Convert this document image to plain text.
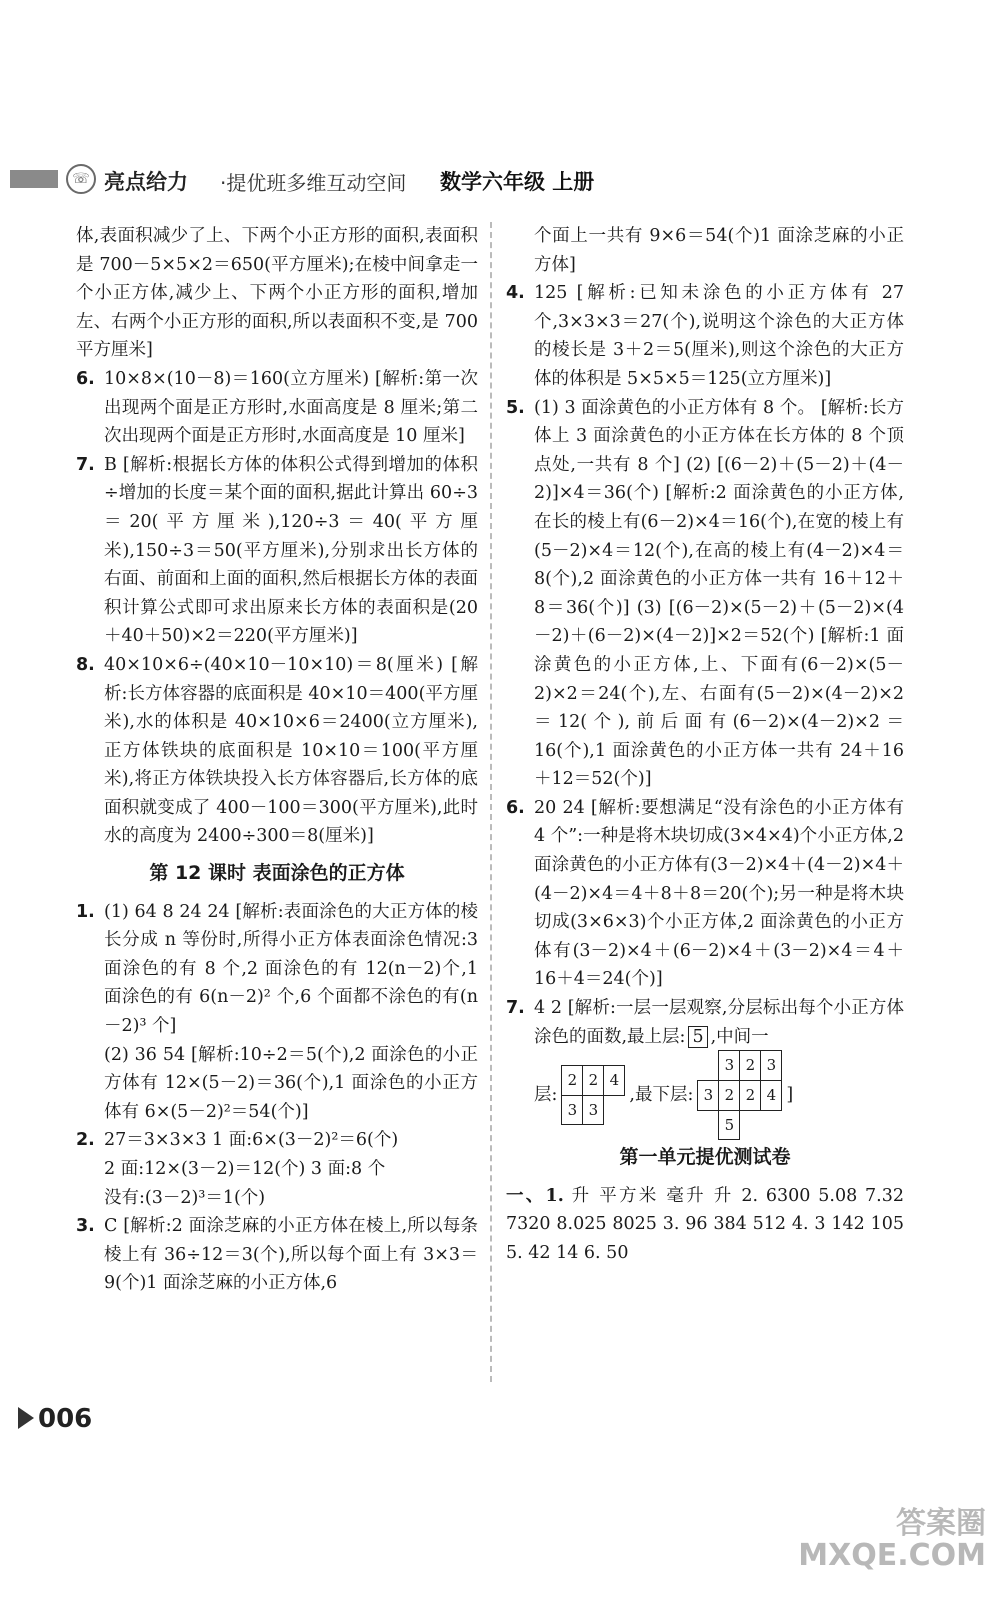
☏ 亮点给力 ·提优班多维互动空间 数学六年级 上册

体,表面积减少了上、下两个小正方形的面积,表面积是 700－5×5×2＝650(平方厘米);在棱中间拿走一个小正方体,减少上、下两个小正方形的面积,增加左、右两个小正方形的面积,所以表面积不变,是 700 平方厘米]

6. 10×8×(10－8)＝160(立方厘米) [解析:第一次出现两个面是正方形时,水面高度是 8 厘米;第二次出现两个面是正方形时,水面高度是 10 厘米]
7. B [解析:根据长方体的体积公式得到增加的体积÷增加的长度＝某个面的面积,据此计算出 60÷3＝20(平方厘米),120÷3＝40(平方厘米),150÷3＝50(平方厘米),分别求出长方体的右面、前面和上面的面积,然后根据长方体的表面积计算公式即可求出原来长方体的表面积是(20＋40＋50)×2＝220(平方厘米)]
8. 40×10×6÷(40×10－10×10)＝8(厘米) [解析:长方体容器的底面积是 40×10＝400(平方厘米),水的体积是 40×10×6＝2400(立方厘米),正方体铁块的底面积是 10×10＝100(平方厘米),将正方体铁块投入长方体容器后,长方体的底面积就变成了 400－100＝300(平方厘米),此时水的高度为 2400÷300＝8(厘米)]
第 12 课时 表面涂色的正方体
1. (1) 64 8 24 24 [解析:表面涂色的大正方体的棱长分成 n 等份时,所得小正方体表面涂色情况:3 面涂色的有 8 个,2 面涂色的有 12(n－2)个,1 面涂色的有 6(n－2)² 个,6 个面都不涂色的有(n－2)³ 个]
(2) 36 54 [解析:10÷2＝5(个),2 面涂色的小正方体有 12×(5－2)＝36(个),1 面涂色的小正方体有 6×(5－2)²＝54(个)]
2. 27＝3×3×3 1 面:6×(3－2)²＝6(个)
2 面:12×(3－2)＝12(个) 3 面:8 个
没有:(3－2)³＝1(个)
3. C [解析:2 面涂芝麻的小正方体在棱上,所以每条棱上有 36÷12＝3(个),所以每个面上有 3×3＝9(个)1 面涂芝麻的小正方体,6

个面上一共有 9×6＝54(个)1 面涂芝麻的小正方体]

4. 125 [解析:已知未涂色的小正方体有 27 个,3×3×3＝27(个),说明这个涂色的大正方体的棱长是 3＋2＝5(厘米),则这个涂色的大正方体的体积是 5×5×5＝125(立方厘米)]
5. (1) 3 面涂黄色的小正方体有 8 个。 [解析:长方体上 3 面涂黄色的小正方体在长方体的 8 个顶点处,一共有 8 个] (2) [(6－2)＋(5－2)＋(4－2)]×4＝36(个) [解析:2 面涂黄色的小正方体,在长的棱上有(6－2)×4＝16(个),在宽的棱上有(5－2)×4＝12(个),在高的棱上有(4－2)×4＝8(个),2 面涂黄色的小正方体一共有 16＋12＋8＝36(个)] (3) [(6－2)×(5－2)＋(5－2)×(4－2)＋(6－2)×(4－2)]×2＝52(个) [解析:1 面涂黄色的小正方体,上、下面有(6－2)×(5－2)×2＝24(个),左、右面有(5－2)×(4－2)×2＝12(个),前后面有(6－2)×(4－2)×2＝16(个),1 面涂黄色的小正方体一共有 24＋16＋12＝52(个)]
6. 20 24 [解析:要想满足“没有涂色的小正方体有 4 个”:一种是将木块切成(3×4×4)个小正方体,2 面涂黄色的小正方体有(3－2)×4＋(4－2)×4＋(4－2)×4＝4＋8＋8＝20(个);另一种是将木块切成(3×6×3)个小正方体,2 面涂黄色的小正方体有(3－2)×4＋(6－2)×4＋(3－2)×4＝4＋16＋4＝24(个)]
7. 4 2 [解析:一层一层观察,分层标出每个小正方体涂色的面数,最上层: 5 ,中间一
层:
2	2	4
3	3	
,最下层:
	3	2	3
3	2	2	4
	5		
]
第一单元提优测试卷
一、1. 升 平方米 毫升 升 2. 6300 5.08 7.32 7320 8.025 8025 3. 96 384 512 4. 3 142 105 5. 42 14 6. 50
006
答案圈
MXQE.COM
